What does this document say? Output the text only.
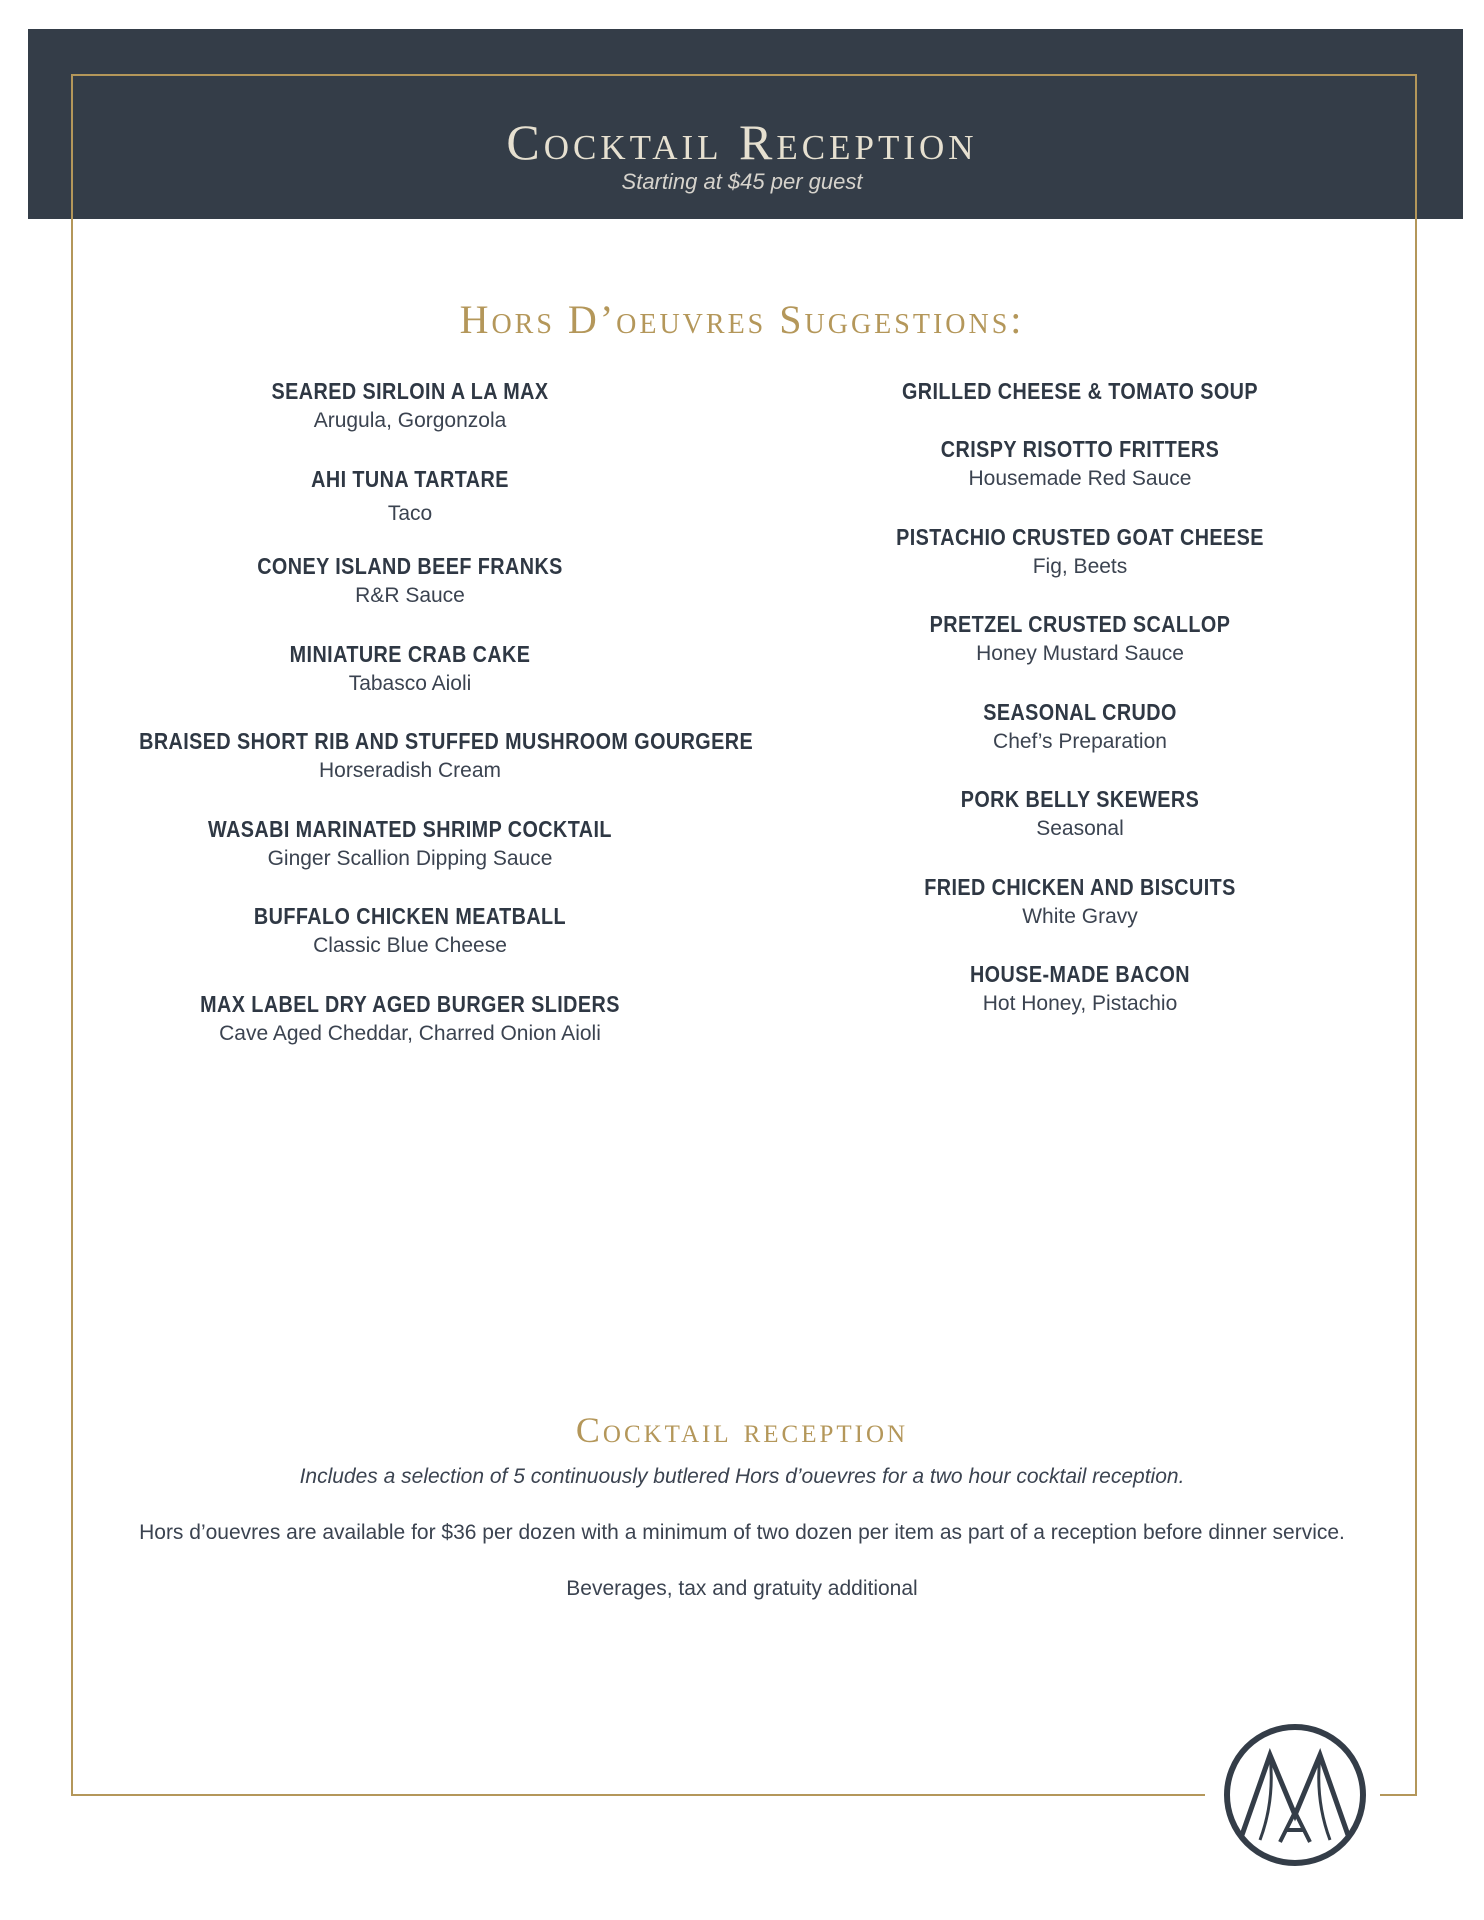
Cocktail Reception
Starting at $45 per guest
Hors D’oeuvres Suggestions:
SEARED SIRLOIN A LA MAX
Arugula, Gorgonzola
AHI TUNA TARTARE
Taco
CONEY ISLAND BEEF FRANKS
R&R Sauce
MINIATURE CRAB CAKE
Tabasco Aioli
BRAISED SHORT RIB AND STUFFED MUSHROOM GOURGERE
Horseradish Cream
WASABI MARINATED SHRIMP COCKTAIL
Ginger Scallion Dipping Sauce
BUFFALO CHICKEN MEATBALL
Classic Blue Cheese
MAX LABEL DRY AGED BURGER SLIDERS
Cave Aged Cheddar, Charred Onion Aioli
GRILLED CHEESE & TOMATO SOUP
CRISPY RISOTTO FRITTERS
Housemade Red Sauce
PISTACHIO CRUSTED GOAT CHEESE
Fig, Beets
PRETZEL CRUSTED SCALLOP
Honey Mustard Sauce
SEASONAL CRUDO
Chef’s Preparation
PORK BELLY SKEWERS
Seasonal
FRIED CHICKEN AND BISCUITS
White Gravy
HOUSE-MADE BACON
Hot Honey, Pistachio
Cocktail reception
Includes a selection of 5 continuously butlered Hors d’ouevres for a two hour cocktail reception.
Hors d’ouevres are available for $36 per dozen with a minimum of two dozen per item as part of a reception before dinner service.
Beverages, tax and gratuity additional
